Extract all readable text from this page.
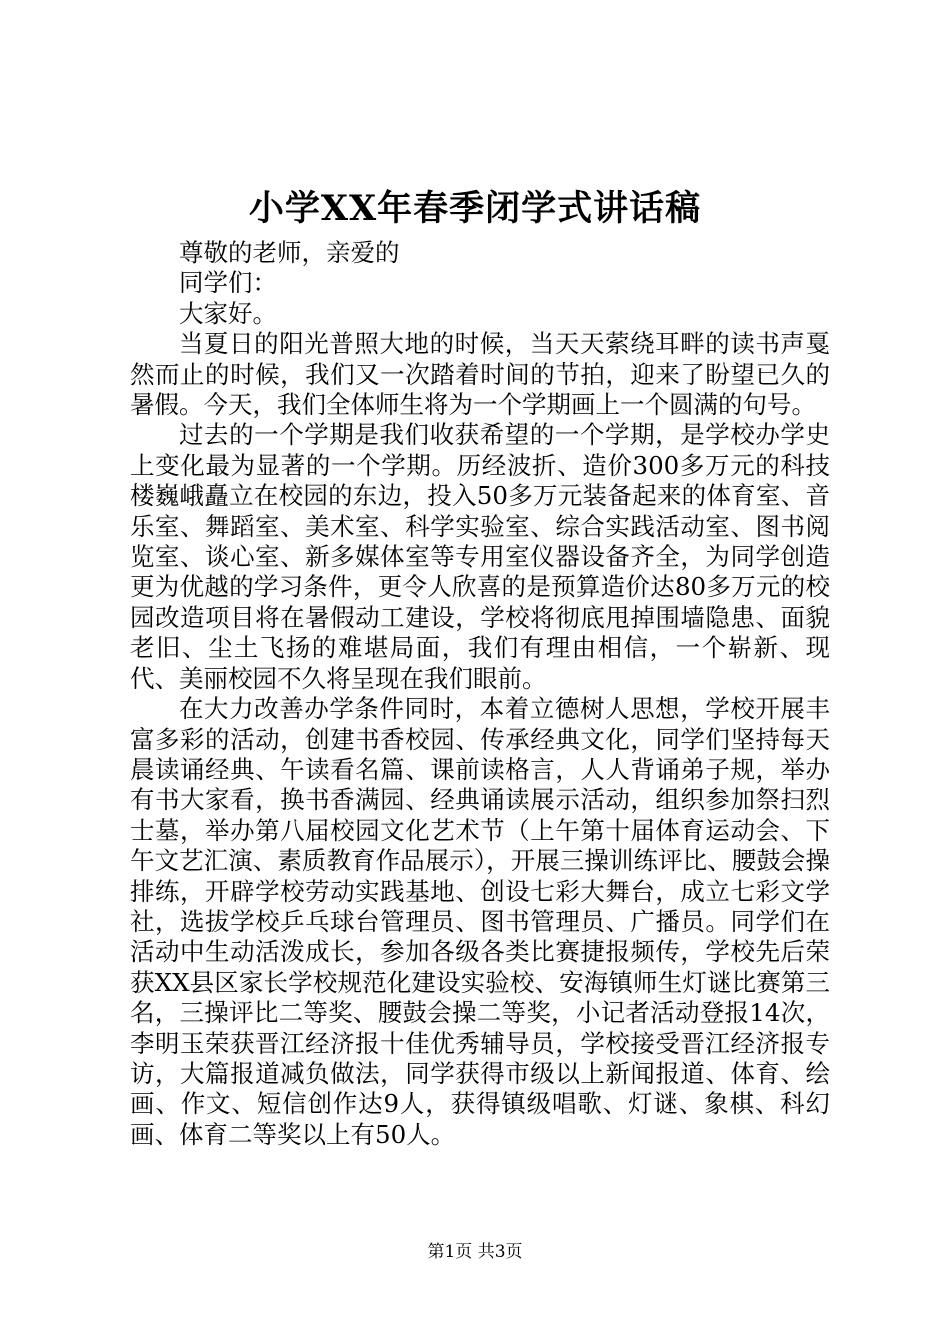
小学XX年春季闭学式讲话稿

尊敬的老师，亲爱的

同学们：

大家好。

当夏日的阳光普照大地的时候，当天天萦绕耳畔的读书声戛然而止的时候，我们又一次踏着时间的节拍，迎来了盼望已久的暑假。今天，我们全体师生将为一个学期画上一个圆满的句号。

过去的一个学期是我们收获希望的一个学期，是学校办学史上变化最为显著的一个学期。历经波折、造价300多万元的科技楼巍峨矗立在校园的东边，投入50多万元装备起来的体育室、音乐室、舞蹈室、美术室、科学实验室、综合实践活动室、图书阅览室、谈心室、新多媒体室等专用室仪器设备齐全，为同学创造更为优越的学习条件，更令人欣喜的是预算造价达80多万元的校园改造项目将在暑假动工建设，学校将彻底甩掉围墙隐患、面貌老旧、尘土飞扬的难堪局面，我们有理由相信，一个崭新、现代、美丽校园不久将呈现在我们眼前。

在大力改善办学条件同时，本着立德树人思想，学校开展丰富多彩的活动，创建书香校园、传承经典文化，同学们坚持每天晨读诵经典、午读看名篇、课前读格言，人人背诵弟子规，举办有书大家看，换书香满园、经典诵读展示活动，组织参加祭扫烈士墓，举办第八届校园文化艺术节（上午第十届体育运动会、下午文艺汇演、素质教育作品展示），开展三操训练评比、腰鼓会操排练，开辟学校劳动实践基地、创设七彩大舞台，成立七彩文学社，选拔学校乒乓球台管理员、图书管理员、广播员。同学们在活动中生动活泼成长，参加各级各类比赛捷报频传，学校先后荣获XX县区家长学校规范化建设实验校、安海镇师生灯谜比赛第三名，三操评比二等奖、腰鼓会操二等奖，小记者活动登报14次，李明玉荣获晋江经济报十佳优秀辅导员，学校接受晋江经济报专访，大篇报道减负做法，同学获得市级以上新闻报道、体育、绘画、作文、短信创作达9人，获得镇级唱歌、灯谜、象棋、科幻画、体育二等奖以上有50人。

第1页 共3页
